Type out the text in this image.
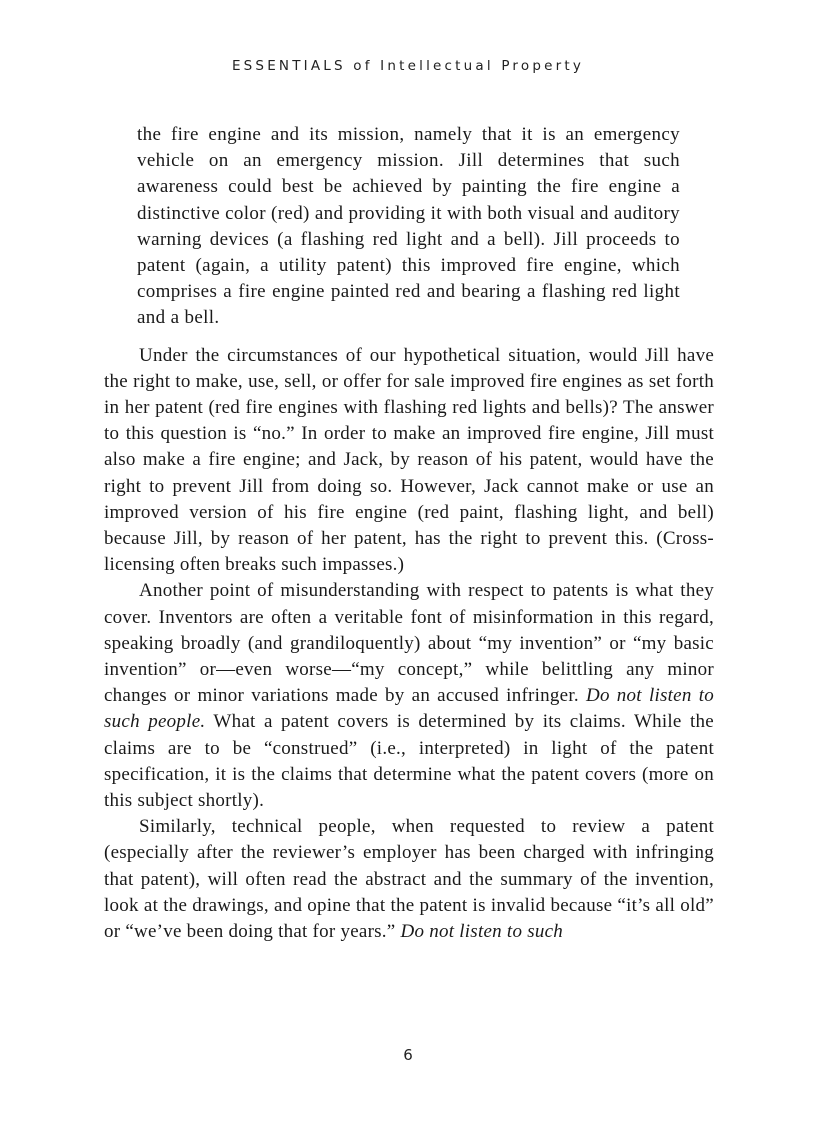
ESSENTIALS of Intellectual Property

the fire engine and its mission, namely that it is an emergency vehicle on an emergency mission. Jill determines that such awareness could best be achieved by painting the fire engine a distinctive color (red) and providing it with both visual and auditory warning devices (a flashing red light and a bell). Jill proceeds to patent (again, a utility patent) this improved fire engine, which comprises a fire engine painted red and bearing a flashing red light and a bell.

Under the circumstances of our hypothetical situation, would Jill have the right to make, use, sell, or offer for sale improved fire engines as set forth in her patent (red fire engines with flashing red lights and bells)? The answer to this question is “no.” In order to make an improved fire engine, Jill must also make a fire engine; and Jack, by reason of his patent, would have the right to prevent Jill from doing so. However, Jack cannot make or use an improved version of his fire engine (red paint, flashing light, and bell) because Jill, by reason of her patent, has the right to prevent this. (Cross-licensing often breaks such impasses.)

Another point of misunderstanding with respect to patents is what they cover. Inventors are often a veritable font of misinformation in this regard, speaking broadly (and grandiloquently) about “my invention” or “my basic invention” or—even worse—“my concept,” while belittling any minor changes or minor variations made by an accused infringer. Do not listen to such people. What a patent covers is determined by its claims. While the claims are to be “construed” (i.e., interpreted) in light of the patent specification, it is the claims that determine what the patent covers (more on this subject shortly).

Similarly, technical people, when requested to review a patent (especially after the reviewer’s employer has been charged with infringing that patent), will often read the abstract and the summary of the invention, look at the drawings, and opine that the patent is invalid because “it’s all old” or “we’ve been doing that for years.” Do not listen to such

6
